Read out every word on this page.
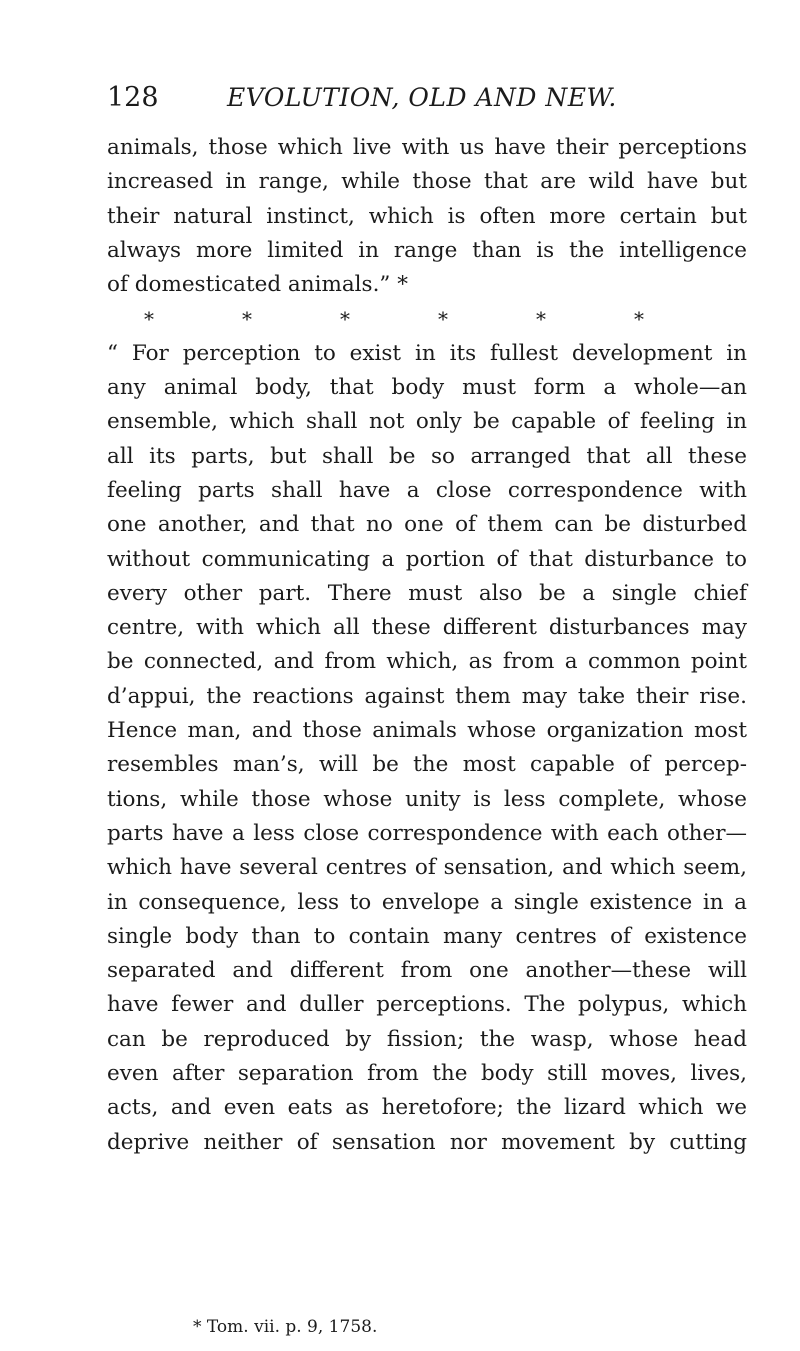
128	EVOLUTION, OLD AND NEW.
animals, those which live with us have their perceptions
increased in range, while those that are wild have but
their natural instinct, which is often more certain but
always more limited in range than is the intelligence
of domesticated animals.” *
*	*	*	*	*	*
“ For perception to exist in its fullest development in
any animal body, that body must form a whole—an
ensemble, which shall not only be capable of feeling in
all its parts, but shall be so arranged that all these
feeling parts shall have a close correspondence with
one another, and that no one of them can be disturbed
without communicating a portion of that disturbance to
every other part. There must also be a single chief
centre, with which all these different disturbances may
be connected, and from which, as from a common point
d’appui, the reactions against them may take their rise.
Hence man, and those animals whose organization most
resembles man’s, will be the most capable of percep-
tions, while those whose unity is less complete, whose
parts have a less close correspondence with each other—
which have several centres of sensation, and which seem,
in consequence, less to envelope a single existence in a
single body than to contain many centres of existence
separated and different from one another—these will
have fewer and duller perceptions. The polypus, which
can be reproduced by fission; the wasp, whose head
even after separation from the body still moves, lives,
acts, and even eats as heretofore; the lizard which we
deprive neither of sensation nor movement by cutting
* Tom. vii. p. 9, 1758.
